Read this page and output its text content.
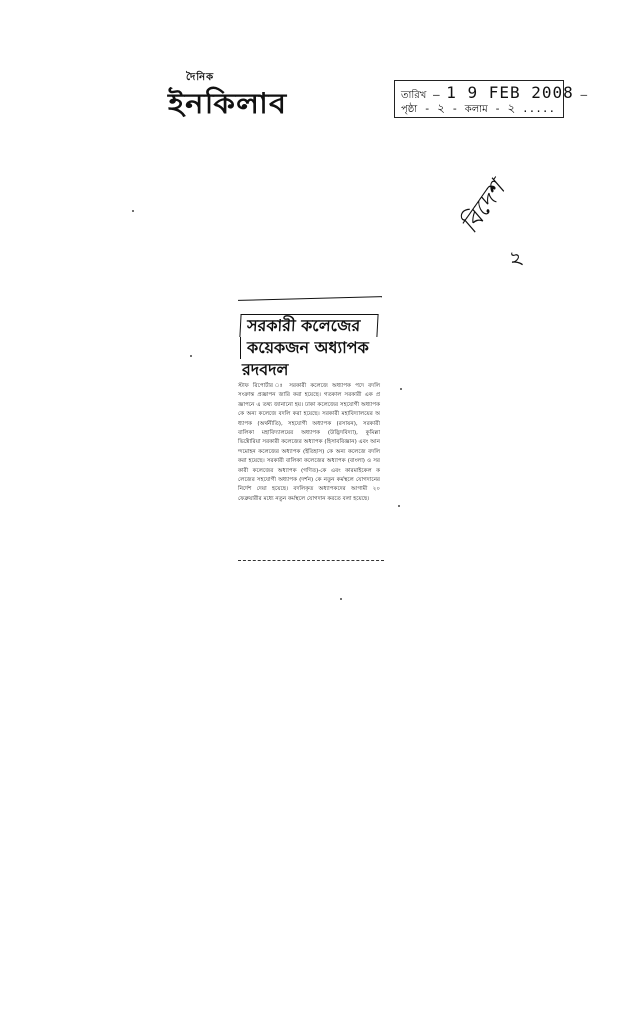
দৈনিক
ইনকিলাব	তারিখ — 1 9 FEB 2008 —
পৃষ্ঠা - ২ - কলাম - ২ .....
বিদেশ
২
সরকারী কলেজের
কয়েকজন অধ্যাপক
রদবদল
স্টাফ রিপোর্টার ঃ সরকারী কলেজে অধ্যাপক পদে বদলি সংক্রান্ত প্রজ্ঞাপন জারি করা হয়েছে। গতকাল সরকারী এক প্রজ্ঞাপনে এ তথ্য জানানো হয়। ঢাকা কলেজের সহযোগী অধ্যাপককে অন্য কলেজে বদলি করা হয়েছে। সরকারী মহাবিদ্যালয়ের অধ্যাপক (অর্থনীতি), সহযোগী অধ্যাপক (রসায়ন), সরকারী বালিকা মহাবিদ্যালয়ের অধ্যাপক (উদ্ভিদবিদ্যা), কুমিল্লা ভিক্টোরিয়া সরকারী কলেজের অধ্যাপক (হিসাববিজ্ঞান) এবং আনন্দমোহন কলেজের অধ্যাপক (ইতিহাস) কে অন্য কলেজে বদলি করা হয়েছে। সরকারী বালিকা কলেজের অধ্যাপক (বাংলা) ও সরকারী কলেজের অধ্যাপক (গণিত)-কে এবং কারমাইকেল কলেজের সহযোগী অধ্যাপক (দর্শন) কে নতুন কর্মস্থলে যোগদানের নির্দেশ দেয়া হয়েছে। বদলিকৃত অধ্যাপকদের আগামী ২০ ফেব্রুয়ারীর মধ্যে নতুন কর্মস্থলে যোগদান করতে বলা হয়েছে।
